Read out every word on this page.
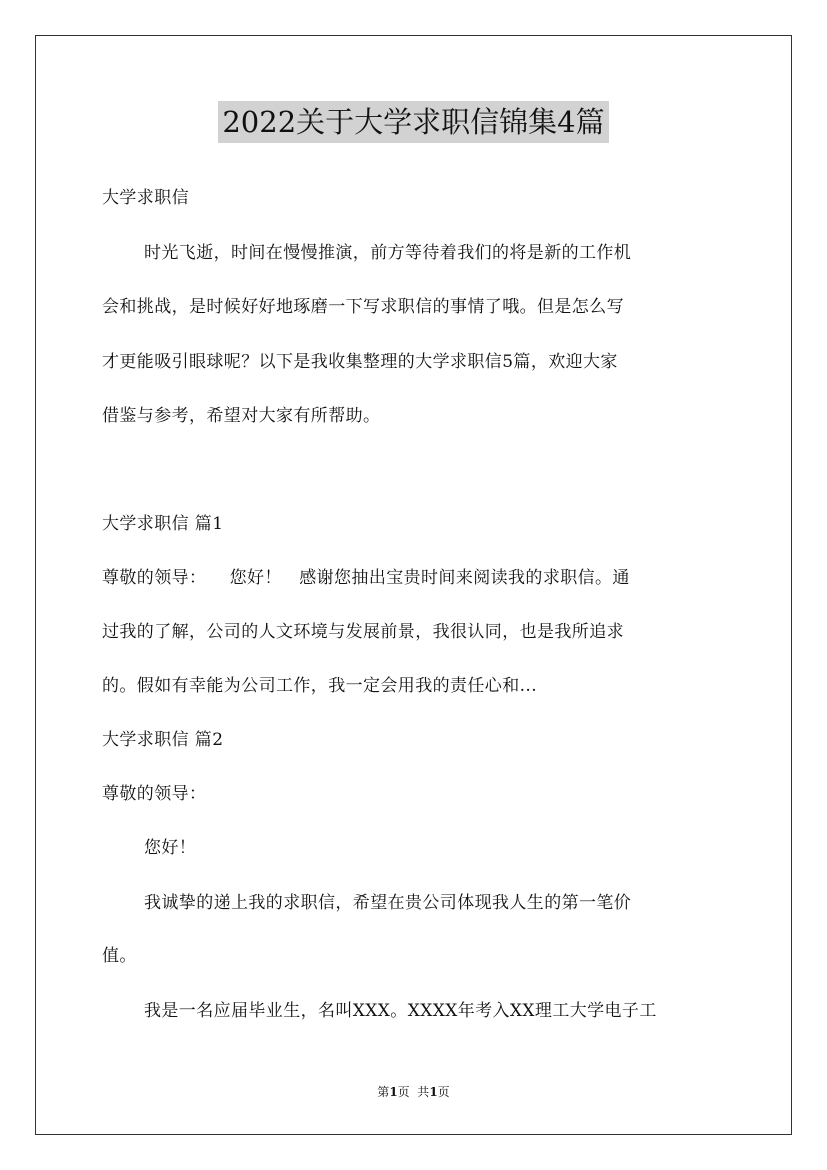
2022关于大学求职信锦集4篇
大学求职信
时光飞逝，时间在慢慢推演，前方等待着我们的将是新的工作机
会和挑战，是时候好好地琢磨一下写求职信的事情了哦。但是怎么写
才更能吸引眼球呢？以下是我收集整理的大学求职信5篇，欢迎大家
借鉴与参考，希望对大家有所帮助。
大学求职信 篇1
尊敬的领导：    您好！   感谢您抽出宝贵时间来阅读我的求职信。通
过我的了解，公司的人文环境与发展前景，我很认同，也是我所追求
的。假如有幸能为公司工作，我一定会用我的责任心和...
大学求职信 篇2
尊敬的领导：
您好！
我诚挚的递上我的求职信，希望在贵公司体现我人生的第一笔价
值。
我是一名应届毕业生，名叫XXX。XXXX年考入XX理工大学电子工
第1页  共1页
